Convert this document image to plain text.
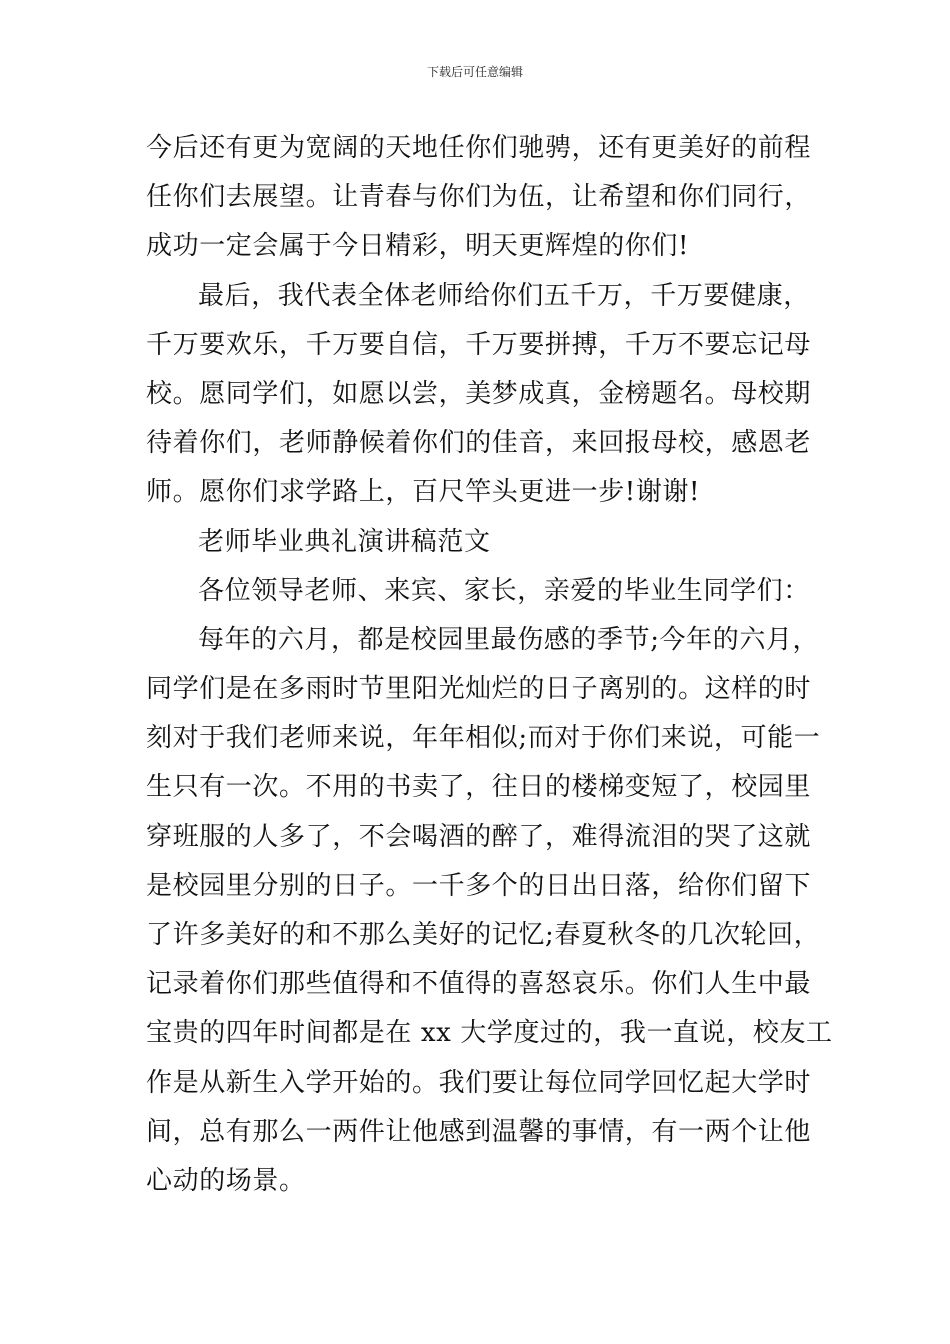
下载后可任意编辑
今后还有更为宽阔的天地任你们驰骋，还有更美好的前程
任你们去展望。让青春与你们为伍，让希望和你们同行，
成功一定会属于今日精彩，明天更辉煌的你们!
最后，我代表全体老师给你们五千万，千万要健康，
千万要欢乐，千万要自信，千万要拼搏，千万不要忘记母
校。愿同学们，如愿以尝，美梦成真，金榜题名。母校期
待着你们，老师静候着你们的佳音，来回报母校，感恩老
师。愿你们求学路上，百尺竿头更进一步!谢谢!
老师毕业典礼演讲稿范文
各位领导老师、来宾、家长，亲爱的毕业生同学们：
每年的六月，都是校园里最伤感的季节;今年的六月，
同学们是在多雨时节里阳光灿烂的日子离别的。这样的时
刻对于我们老师来说，年年相似;而对于你们来说，可能一
生只有一次。不用的书卖了，往日的楼梯变短了，校园里
穿班服的人多了，不会喝酒的醉了，难得流泪的哭了这就
是校园里分别的日子。一千多个的日出日落，给你们留下
了许多美好的和不那么美好的记忆;春夏秋冬的几次轮回，
记录着你们那些值得和不值得的喜怒哀乐。你们人生中最
宝贵的四年时间都是在 xx 大学度过的，我一直说，校友工
作是从新生入学开始的。我们要让每位同学回忆起大学时
间，总有那么一两件让他感到温馨的事情，有一两个让他
心动的场景。
